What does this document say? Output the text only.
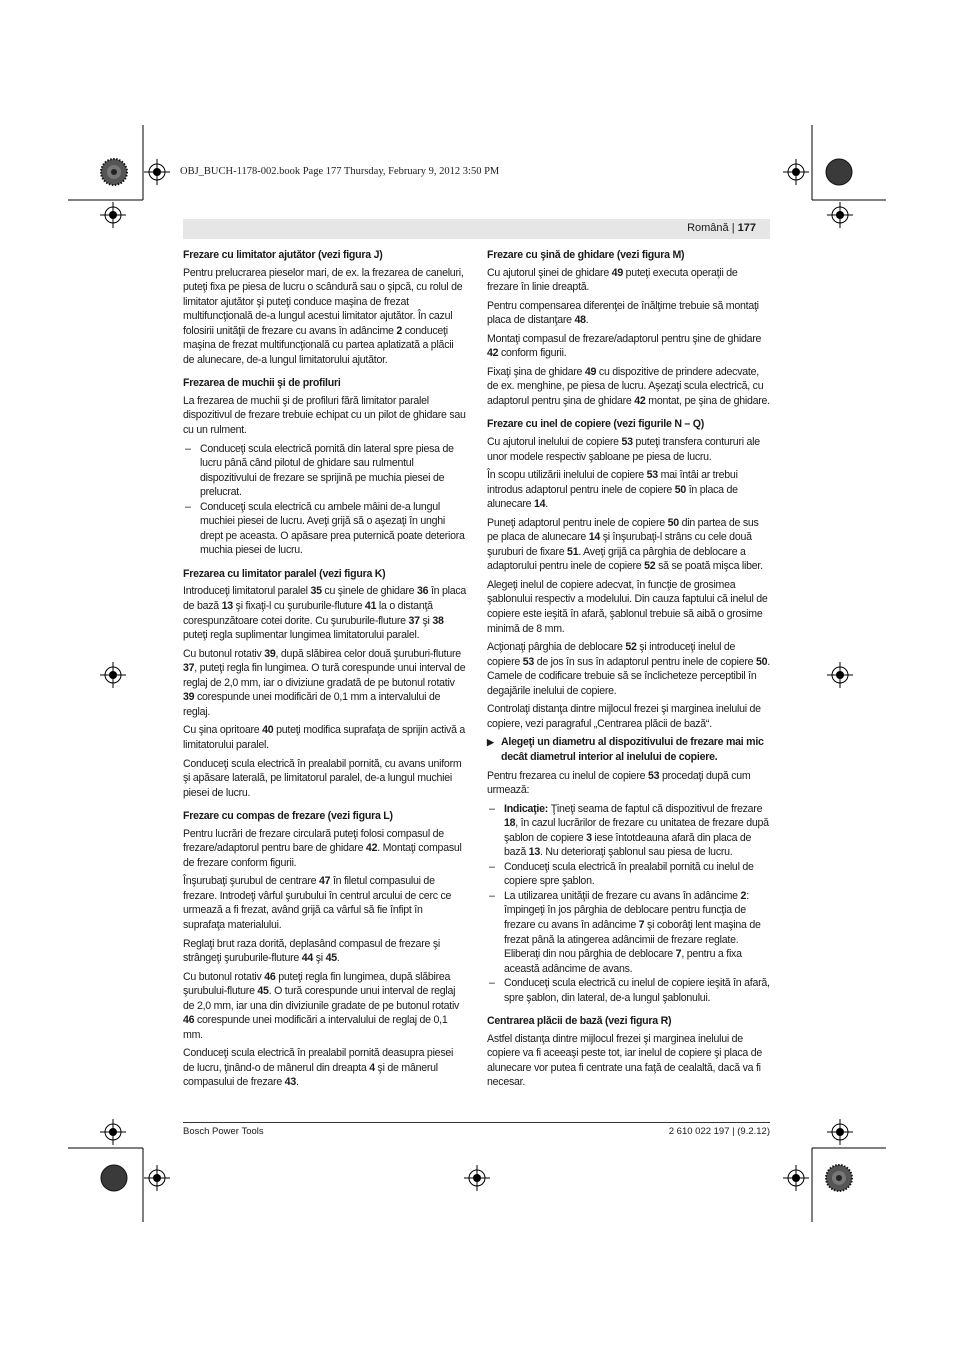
OBJ_BUCH-1178-002.book Page 177 Thursday, February 9, 2012 3:50 PM
Română | 177
Frezare cu limitator ajutător (vezi figura J)

Pentru prelucrarea pieselor mari, de ex. la frezarea de caneluri, puteţi fixa pe piesa de lucru o scândură sau o şipcă, cu rolul de limitator ajutător şi puteţi conduce maşina de frezat multifuncţională de-a lungul acestui limitator ajutător. În cazul folosirii unităţii de frezare cu avans în adâncime 2 conduceţi maşina de frezat multifuncţională cu partea aplatizată a plăcii de alunecare, de-a lungul limitatorului ajutător.

Frezarea de muchii şi de profiluri

La frezarea de muchii şi de profiluri fără limitator paralel dispozitivul de frezare trebuie echipat cu un pilot de ghidare sau cu un rulment.

– Conduceţi scula electrică pornită din lateral spre piesa de lucru până când pilotul de ghidare sau rulmentul dispozitivului de frezare se sprijină pe muchia piesei de prelucrat.
– Conduceţi scula electrică cu ambele mâini de-a lungul muchiei piesei de lucru. Aveţi grijă să o aşezaţi în unghi drept pe aceasta. O apăsare prea puternică poate deteriora muchia piesei de lucru.
Frezarea cu limitator paralel (vezi figura K)

Introduceţi limitatorul paralel 35 cu şinele de ghidare 36 în placa de bază 13 şi fixaţi-l cu şuruburile-fluture 41 la o distanţă corespunzătoare cotei dorite. Cu şuruburile-fluture 37 şi 38 puteţi regla suplimentar lungimea limitatorului paralel.

Cu butonul rotativ 39, după slăbirea celor două şuruburi-fluture 37, puteţi regla fin lungimea. O tură corespunde unui interval de reglaj de 2,0 mm, iar o diviziune gradată de pe butonul rotativ 39 corespunde unei modificări de 0,1 mm a intervalului de reglaj.

Cu şina opritoare 40 puteţi modifica suprafaţa de sprijin activă a limitatorului paralel.

Conduceţi scula electrică în prealabil pornită, cu avans uniform şi apăsare laterală, pe limitatorul paralel, de-a lungul muchiei piesei de lucru.

Frezare cu compas de frezare (vezi figura L)

Pentru lucrări de frezare circulară puteţi folosi compasul de frezare/adaptorul pentru bare de ghidare 42. Montaţi compasul de frezare conform figurii.

Înşurubaţi şurubul de centrare 47 în filetul compasului de frezare. Introdeţi vârful şurubului în centrul arcului de cerc ce urmează a fi frezat, având grijă ca vârful să fie înfipt în suprafaţa materialului.

Reglaţi brut raza dorită, deplasând compasul de frezare şi strângeţi şuruburile-fluture 44 şi 45.

Cu butonul rotativ 46 puteţi regla fin lungimea, după slăbirea şurubului-fluture 45. O tură corespunde unui interval de reglaj de 2,0 mm, iar una din diviziunile gradate de pe butonul rotativ 46 corespunde unei modificări a intervalului de reglaj de 0,1 mm.

Conduceţi scula electrică în prealabil pornită deasupra piesei de lucru, ţinând-o de mânerul din dreapta 4 şi de mânerul compasului de frezare 43.

Frezare cu şină de ghidare (vezi figura M)

Cu ajutorul şinei de ghidare 49 puteţi executa operaţii de frezare în linie dreaptă.

Pentru compensarea diferenţei de înălţime trebuie să montaţi placa de distanţare 48.

Montaţi compasul de frezare/adaptorul pentru şine de ghidare 42 conform figurii.

Fixaţi şina de ghidare 49 cu dispozitive de prindere adecvate, de ex. menghine, pe piesa de lucru. Aşezaţi scula electrică, cu adaptorul pentru şina de ghidare 42 montat, pe şina de ghidare.

Frezare cu inel de copiere (vezi figurile N – Q)

Cu ajutorul inelului de copiere 53 puteţi transfera contururi ale unor modele respectiv şabloane pe piesa de lucru.

În scopu utilizării inelului de copiere 53 mai întâi ar trebui introdus adaptorul pentru inele de copiere 50 în placa de alunecare 14.

Puneţi adaptorul pentru inele de copiere 50 din partea de sus pe placa de alunecare 14 şi înşurubaţi-l strâns cu cele două şuruburi de fixare 51. Aveţi grijă ca pârghia de deblocare a adaptorului pentru inele de copiere 52 să se poată mişca liber.

Alegeţi inelul de copiere adecvat, în funcţie de grosimea şablonului respectiv a modelului. Din cauza faptului că inelul de copiere este ieşită în afară, şablonul trebuie să aibă o grosime minimă de 8 mm.

Acţionaţi pârghia de deblocare 52 şi introduceţi inelul de copiere 53 de jos în sus în adaptorul pentru inele de copiere 50. Camele de codificare trebuie să se înclicheteze perceptibil în degajările inelului de copiere.

Controlaţi distanţa dintre mijlocul frezei şi marginea inelului de copiere, vezi paragraful „Centrarea plăcii de bază“.

▶ Alegeţi un diametru al dispozitivului de frezare mai mic decât diametrul interior al inelului de copiere.

Pentru frezarea cu inelul de copiere 53 procedaţi după cum urmează:

– Indicaţie: Ţineţi seama de faptul că dispozitivul de frezare 18, în cazul lucrărilor de frezare cu unitatea de frezare după şablon de copiere 3 iese întotdeauna afară din placa de bază 13. Nu deterioraţi şablonul sau piesa de lucru.
– Conduceţi scula electrică în prealabil pornită cu inelul de copiere spre şablon.
– La utilizarea unităţii de frezare cu avans în adâncime 2: împingeţi în jos pârghia de deblocare pentru funcţia de frezare cu avans în adâncime 7 şi coborâţi lent maşina de frezat până la atingerea adâncimii de frezare reglate. Eliberaţi din nou pârghia de deblocare 7, pentru a fixa această adâncime de avans.
– Conduceţi scula electrică cu inelul de copiere ieşită în afară, spre şablon, din lateral, de-a lungul şablonului.
Centrarea plăcii de bază (vezi figura R)

Astfel distanţa dintre mijlocul frezei şi marginea inelului de copiere va fi aceeaşi peste tot, iar inelul de copiere şi placa de alunecare vor putea fi centrate una faţă de cealaltă, dacă va fi necesar.

Bosch Power Tools	2 610 022 197 | (9.2.12)
